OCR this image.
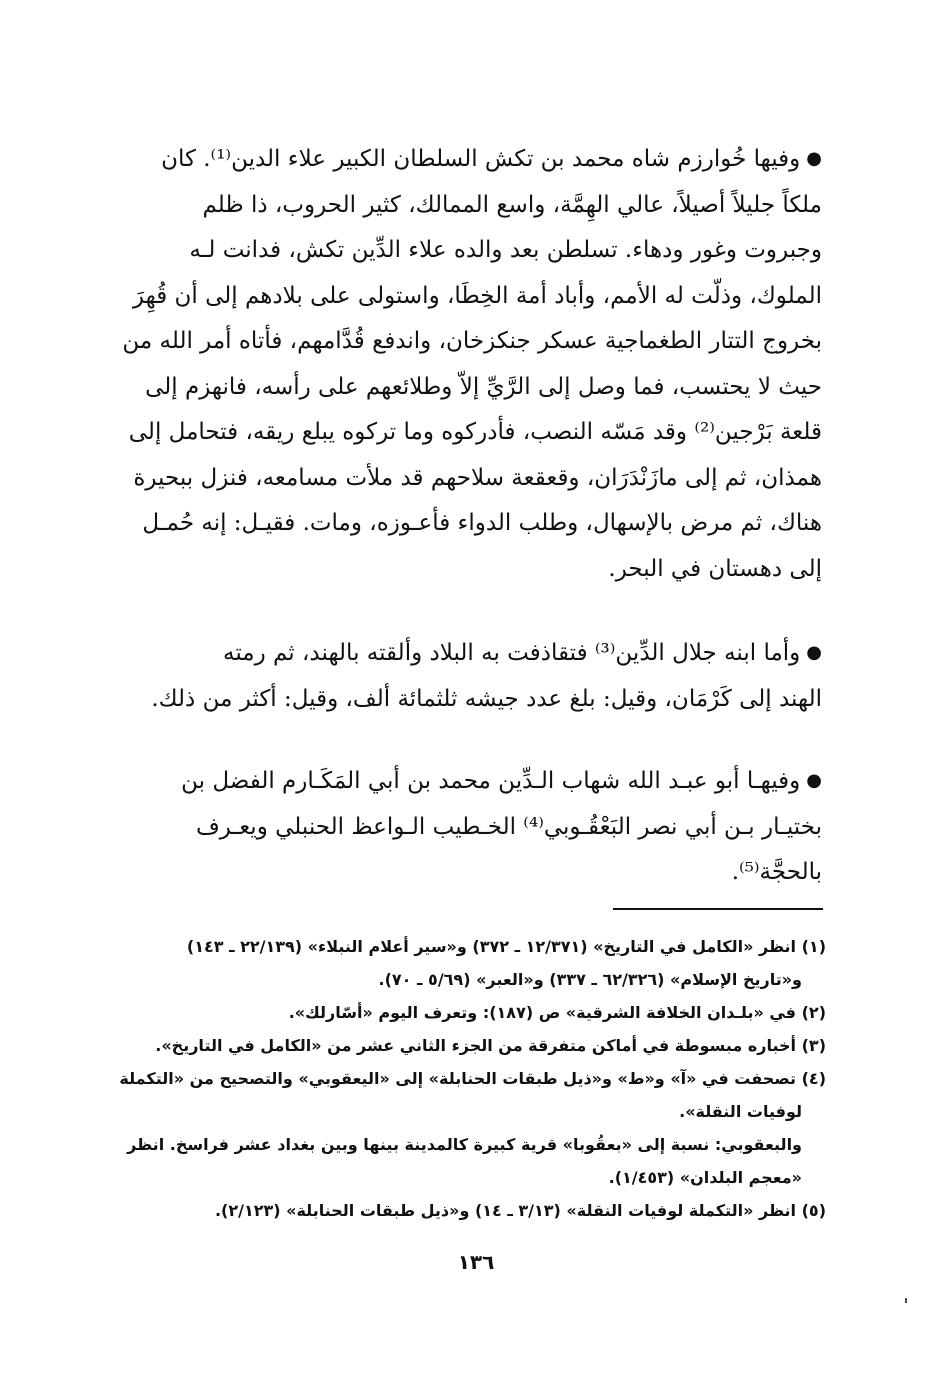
●وفيها خُوارزم شاه محمد بن تكش السلطان الكبير علاء الدين⁽¹⁾. كان

ملكاً جليلاً أصيلاً، عالي الهِمَّة، واسع الممالك، كثير الحروب، ذا ظلم

وجبروت وغور ودهاء. تسلطن بعد والده علاء الدِّين تكش، فدانت لـه

الملوك، وذلّت له الأمم، وأباد أمة الخِطَا، واستولى على بلادهم إلى أن قُهِرَ

بخروج التتار الطغماجية عسكر جنكزخان، واندفع قُدَّامهم، فأتاه أمر الله من

حيث لا يحتسب، فما وصل إلى الرَّيِّ إلاّ وطلائعهم على رأسه، فانهزم إلى

قلعة بَرْجين⁽²⁾ وقد مَسّه النصب، فأدركوه وما تركوه يبلع ريقه، فتحامل إلى

همذان، ثم إلى مازَنْدَرَان، وقعقعة سلاحهم قد ملأت مسامعه، فنزل ببحيرة

هناك، ثم مرض بالإسهال، وطلب الدواء فأعـوزه، ومات. فقيـل: إنه حُمـل

إلى دهستان في البحر.

●وأما ابنه جلال الدِّين⁽³⁾ فتقاذفت به البلاد وألقته بالهند، ثم رمته

الهند إلى كَرْمَان، وقيل: بلغ عدد جيشه ثلثمائة ألف، وقيل: أكثر من ذلك.

●وفيهـا أبو عبـد الله شهاب الـدِّين محمد بن أبي المَكَـارم الفضل بن

بختيـار بـن أبي نصر البَعْقُـوبي⁽⁴⁾ الخـطيب الـواعظ الحنبلي ويعـرف

بالحجَّة⁽⁵⁾.

(١) انظر «الكامل في التاريخ» (١٢/٣٧١ ـ ٣٧٢) و«سير أعلام النبلاء» (٢٢/١٣٩ ـ ١٤٣)
و«تاريخ الإسلام» (٦٢/٣٢٦ ـ ٣٣٧) و«العبر» (٥/٦٩ ـ ٧٠).
(٢) في «بلـدان الخلافة الشرقية» ص (١٨٧): وتعرف اليوم «أسّارلك».
(٣) أخباره مبسوطة في أماكن متفرقة من الجزء الثاني عشر من «الكامل في التاريخ».
(٤) تصحفت في «آ» و«ط» و«ذيل طبقات الحنابلة» إلى «اليعقوبي» والتصحيح من «التكملة
لوفيات النقلة».
والبعقوبي: نسبة إلى «بعقُوبا» قرية كبيرة كالمدينة بينها وبين بغداد عشر فراسخ. انظر
«معجم البلدان» (١/٤٥٣).
(٥) انظر «التكملة لوفيات النقلة» (٣/١٣ ـ ١٤) و«ذيل طبقات الحنابلة» (٢/١٢٣).
١٣٦
